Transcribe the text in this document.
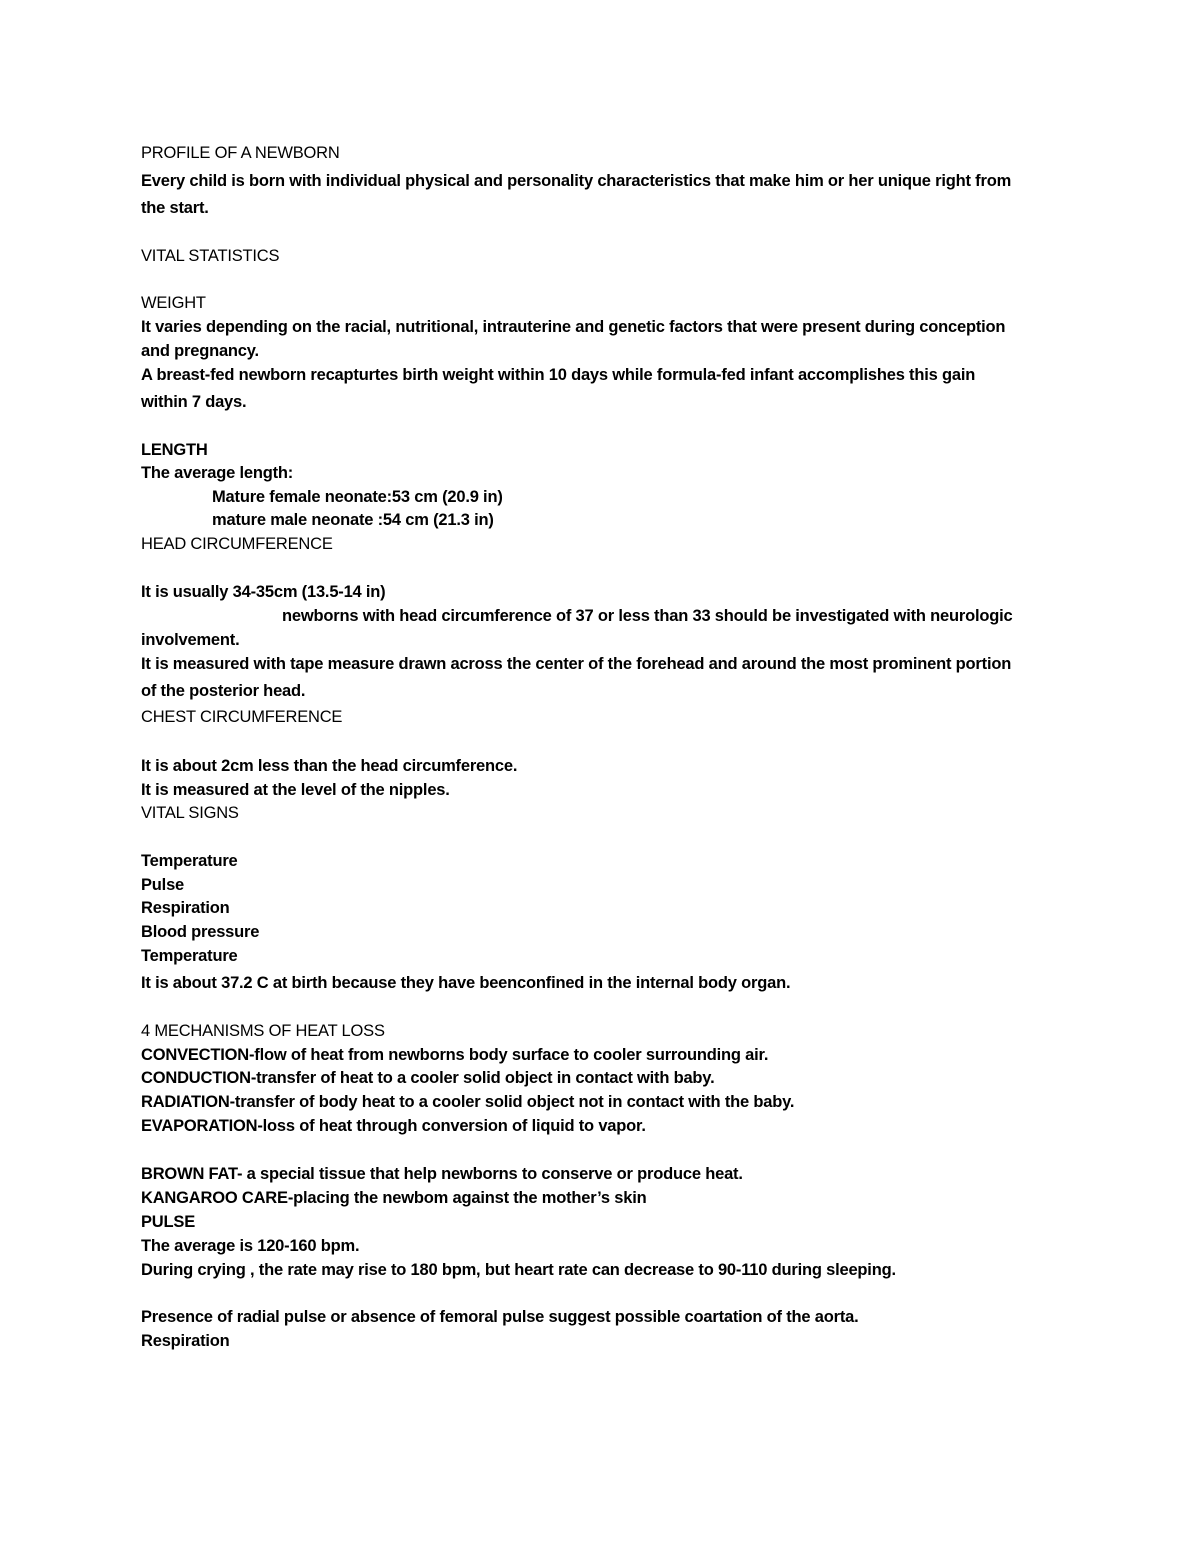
PROFILE OF A NEWBORN
Every child is born with individual physical and personality characteristics that make him or her unique right from
the start.
VITAL STATISTICS
WEIGHT
It varies depending on the racial, nutritional, intrauterine and genetic factors that were present during conception
and pregnancy.
A breast-fed newborn recapturtes birth weight within 10 days while formula-fed infant accomplishes this gain
within 7 days.
LENGTH
The average length:
Mature female neonate:53 cm (20.9 in)
mature male neonate :54 cm (21.3 in)
HEAD CIRCUMFERENCE
It is usually 34-35cm (13.5-14 in)
newborns with head circumference of 37 or less than 33 should be investigated with neurologic
involvement.
It is measured with tape measure drawn across the center of the forehead and around the most prominent portion
of the posterior head.
CHEST CIRCUMFERENCE
It is about 2cm less than the head circumference.
It is measured at the level of the nipples.
VITAL SIGNS
Temperature
Pulse
Respiration
Blood pressure
Temperature
It is about 37.2 C at birth because they have beenconfined in the internal body organ.
4 MECHANISMS OF HEAT LOSS
CONVECTION-flow of heat from newborns body surface to cooler surrounding air.
CONDUCTION-transfer of heat to a cooler solid object in contact with baby.
RADIATION-transfer of body heat to a cooler solid object not in contact with the baby.
EVAPORATION-loss of heat through conversion of liquid to vapor.
BROWN FAT- a special tissue that help newborns to conserve or produce heat.
KANGAROO CARE-placing the newbom against the mother’s skin
PULSE
The average is 120-160 bpm.
During crying , the rate may rise to 180 bpm, but heart rate can decrease to 90-110 during sleeping.
Presence of radial pulse or absence of femoral pulse suggest possible coartation of the aorta.
Respiration
